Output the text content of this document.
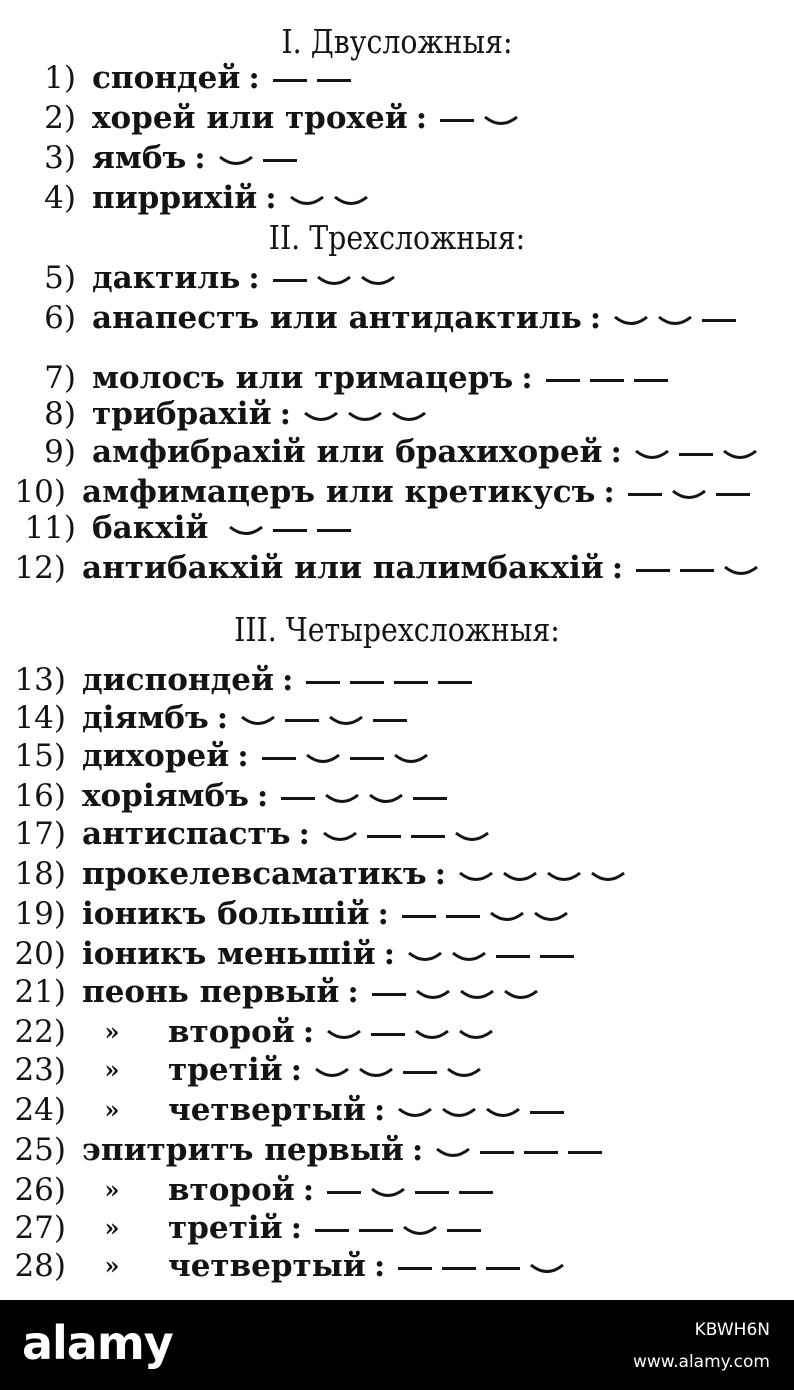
I. Двусложныя:
II. Трехсложныя:
III. Четырехсложныя:
1) спондей :
2) хорей или трохей :
3) ямбъ :
4) пиррихій :
5) дактиль :
6) анапестъ или антидактиль :
7) молосъ или тримацеръ :
8) трибрахій :
9) амфибрахій или брахихорей :
10) амфимацеръ или кретикусъ :
11) бакхій
12) антибакхій или палимбакхій :
13) диспондей :
14) діямбъ :
15) дихорей :
16) хоріямбъ :
17) антиспастъ :
18) прокелевсаматикъ :
19) іоникъ большій :
20) іоникъ меньшій :
21) пеонь первый :
22)	»	второй :
23)	»	третій :
24)	»	четвертый :
25) эпитритъ первый :
26)	»	второй :
27)	»	третій :
28)	»	четвертый :
alamy	KBWH6N
www.alamy.com
